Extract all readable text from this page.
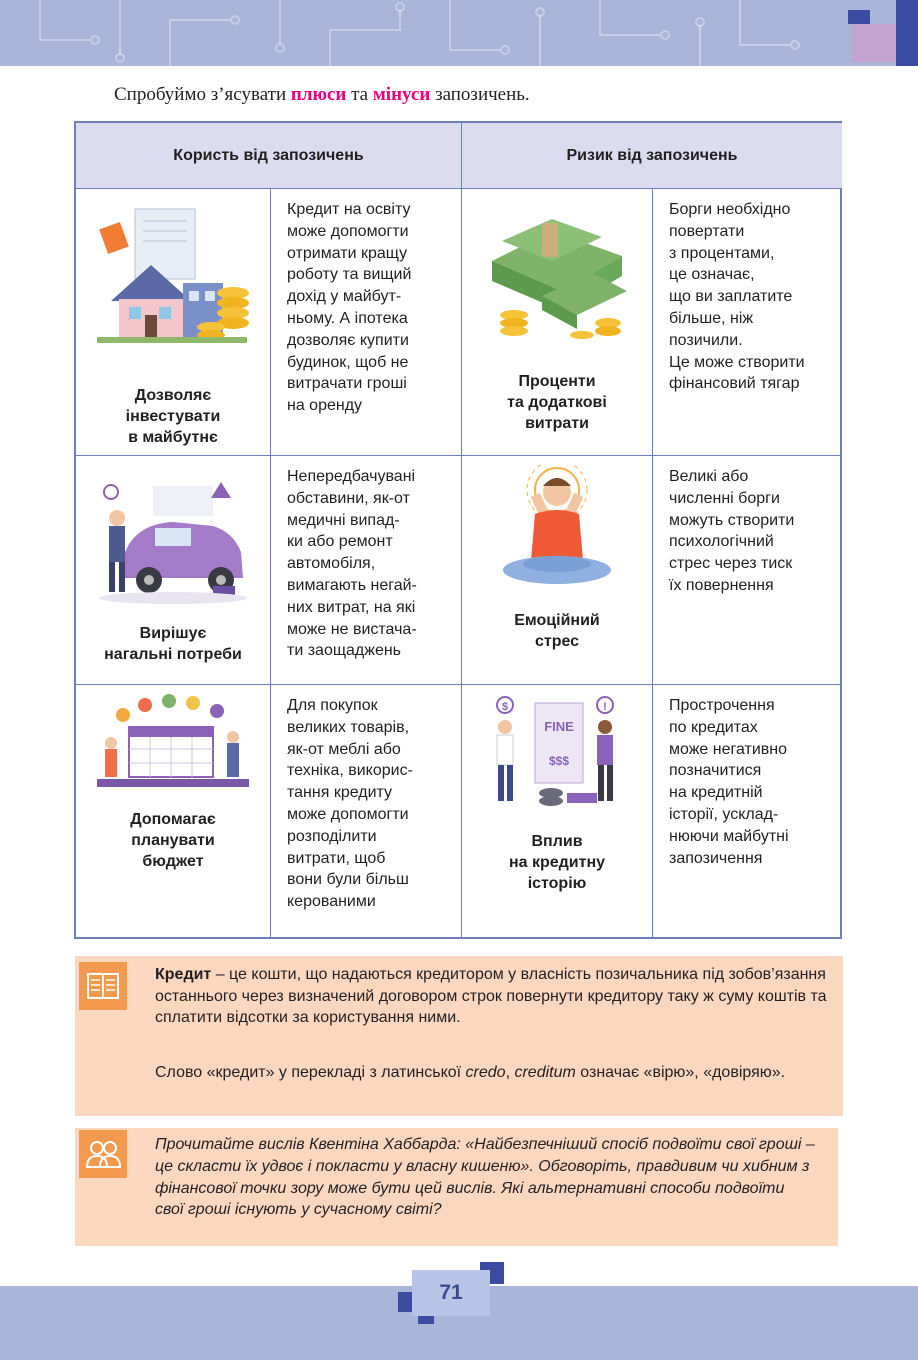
Спробуймо з’ясувати плюси та мінуси запозичень.

Користь від запозичень	Ризик від запозичень
Дозволяє
інвестувати
в майбутнє
Кредит на освіту
може допомогти
отримати кращу
роботу та вищий
дохід у майбут-
ньому. А іпотека
дозволяє купити
будинок, щоб не
витрачати гроші
на оренду
Проценти
та додаткові
витрати
Борги необхідно
повертати
з процентами,
це означає,
що ви заплатите
більше, ніж
позичили.
Це може створити
фінансовий тягар
Вирішує
нагальні потреби
Непередбачувані
обставини, як-от
медичні випад-
ки або ремонт
автомобіля,
вимагають негай-
них витрат, на які
може не вистача-
ти заощаджень
Емоційний
стрес
Великі або
численні борги
можуть створити
психологічний
стрес через тиск
їх повернення
Допомагає
планувати
бюджет
Для покупок
великих товарів,
як-от меблі або
техніка, викорис-
тання кредиту
може допомогти
розподілити
витрати, щоб
вони були більш
керованими
FINE
$$$
$	!
Вплив
на кредитну
історію
Прострочення
по кредитах
може негативно
позначитися
на кредитній
історії, усклад-
нюючи майбутні
запозичення

Кредит – це кошти, що надаються кредитором у власність позичальника під зобов’язання останнього через визначений договором строк повернути кредитору таку ж суму коштів та сплатити відсотки за користування ними.

Слово «кредит» у перекладі з латинської credo, creditum означає «вірю», «довіряю».

Прочитайте вислів Квентіна Хаббарда: «Найбезпечніший спосіб подвоїти свої гроші – це скласти їх удвоє і покласти у власну кишеню». Обговоріть, правдивим чи хибним з фінансової точки зору може бути цей вислів. Які альтернативні способи подвоїти свої гроші існують у сучасному світі?

71
